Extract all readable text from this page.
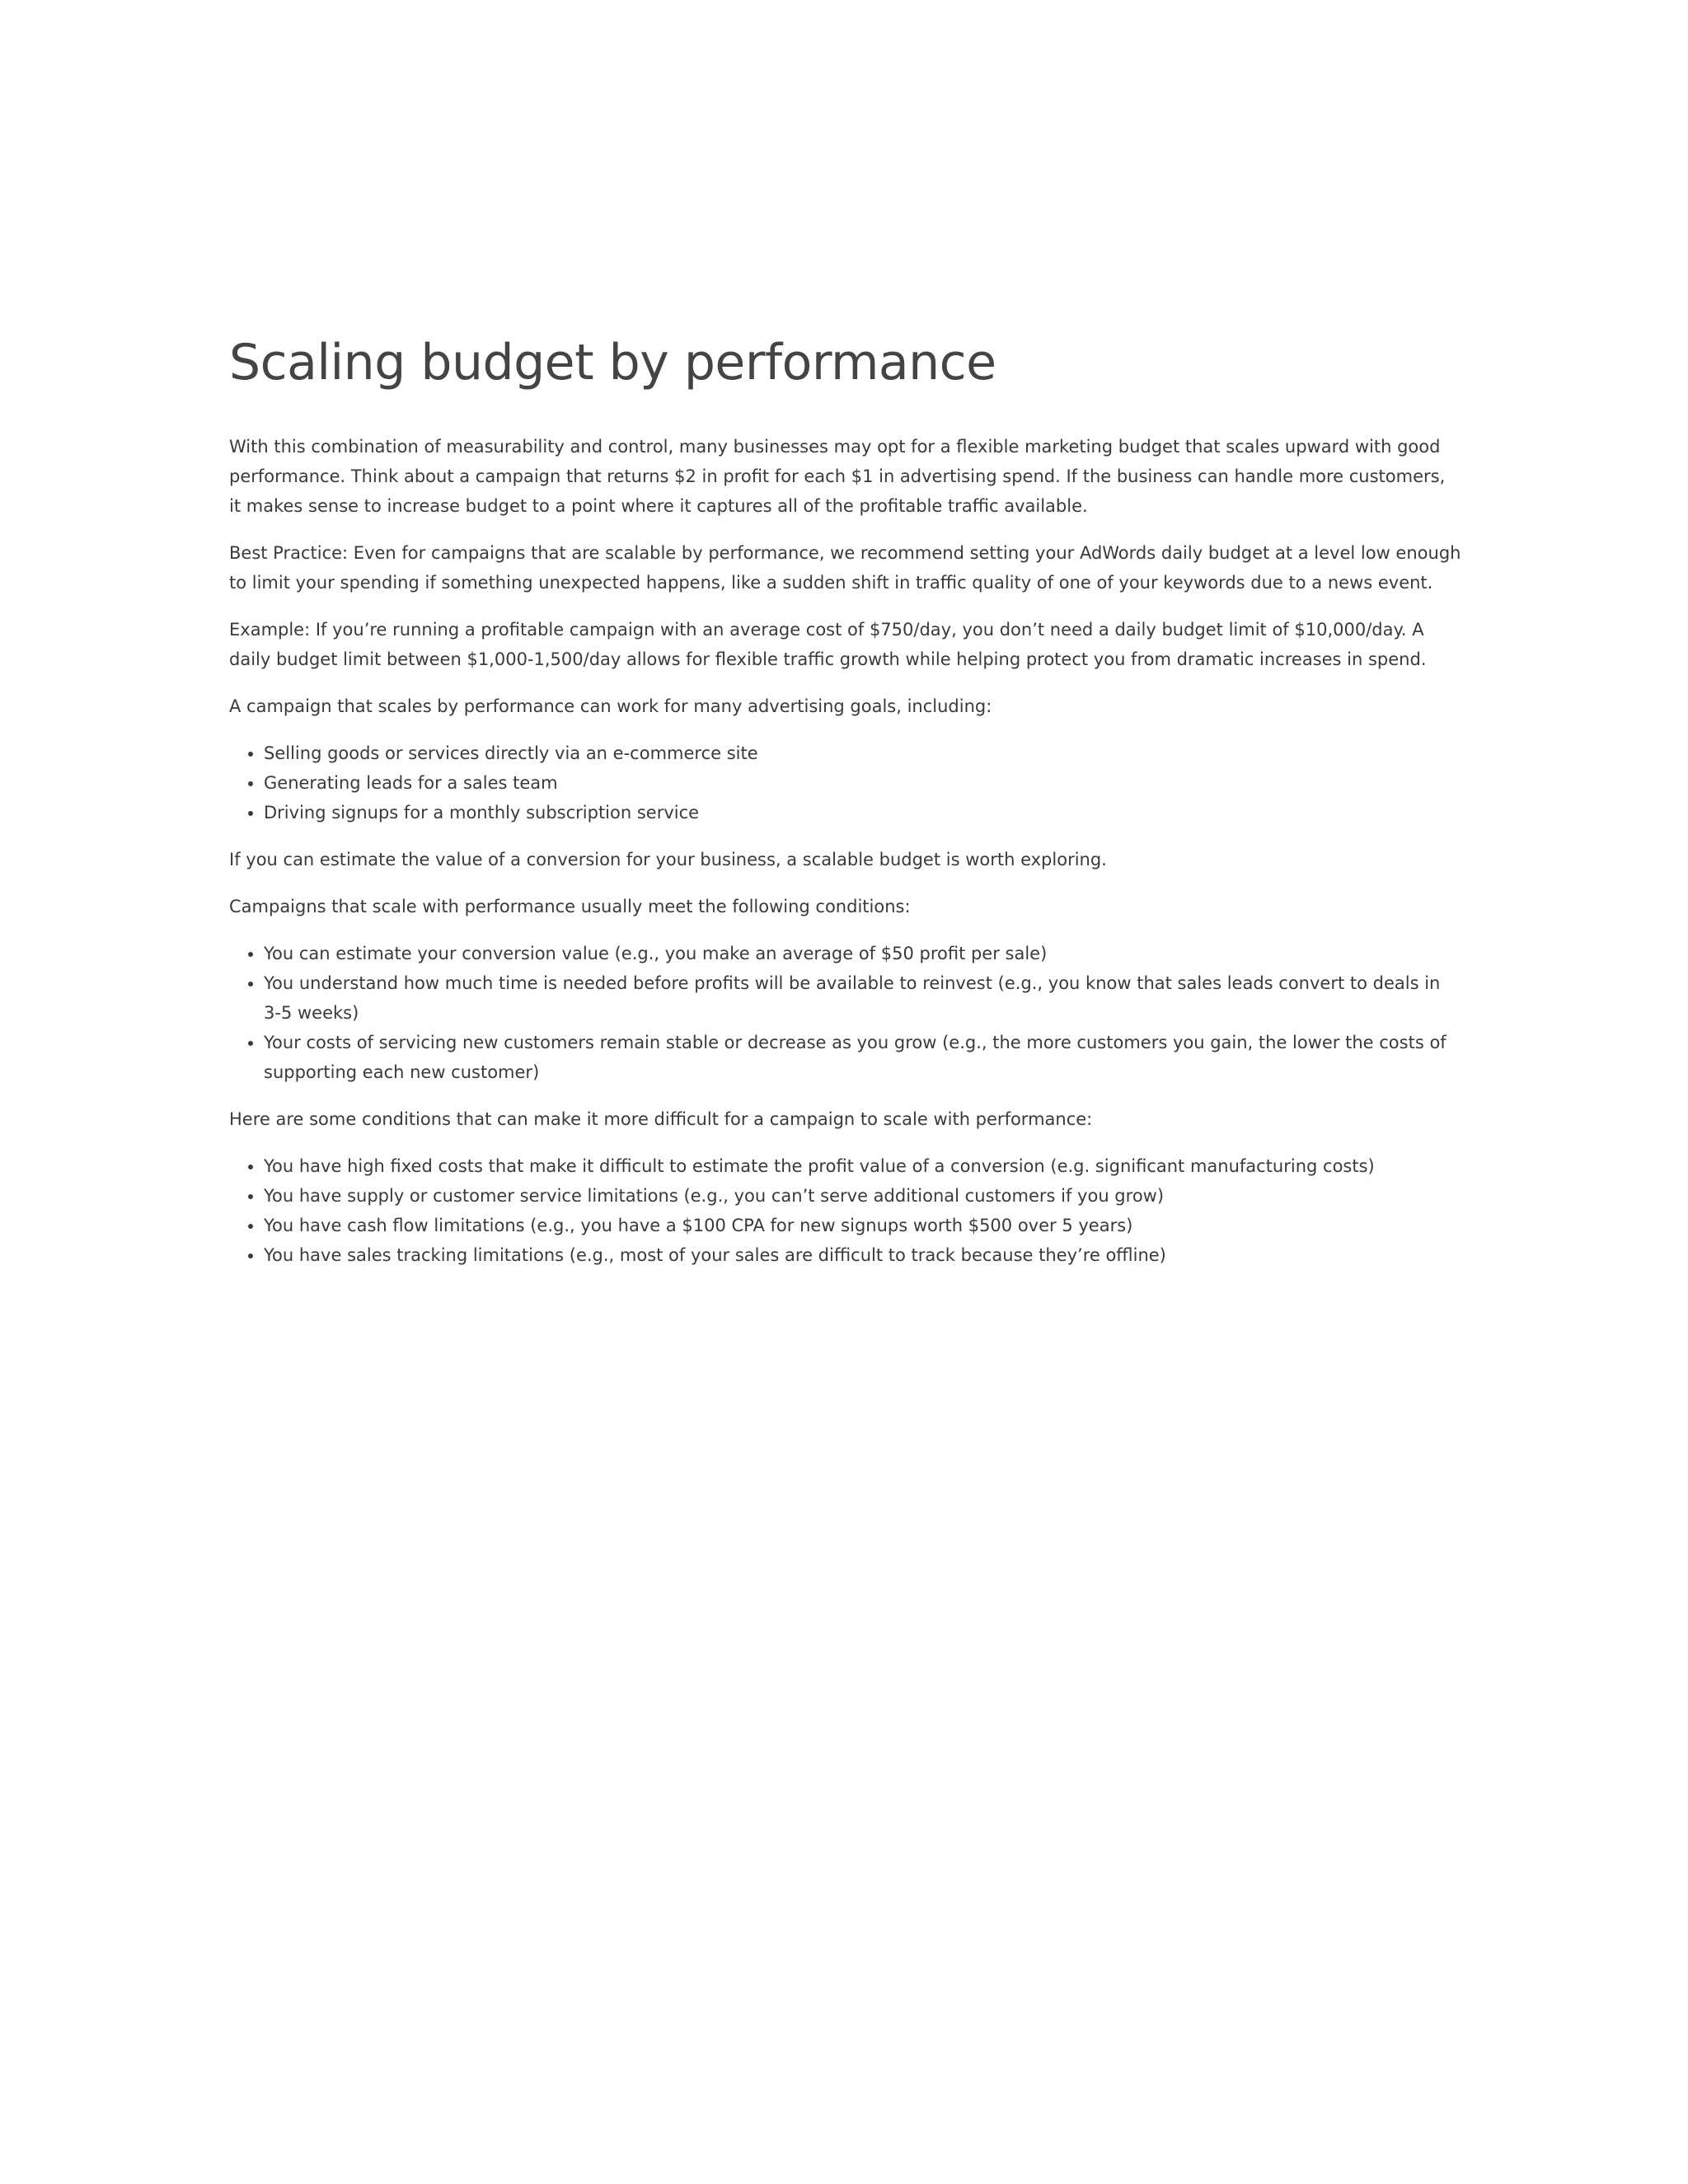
Scaling budget by performance

With this combination of measurability and control, many businesses may opt for a flexible marketing budget that scales upward with good performance. Think about a campaign that returns $2 in profit for each $1 in advertising spend. If the business can handle more customers, it makes sense to increase budget to a point where it captures all of the profitable traffic available.

Best Practice: Even for campaigns that are scalable by performance, we recommend setting your AdWords daily budget at a level low enough to limit your spending if something unexpected happens, like a sudden shift in traffic quality of one of your keywords due to a news event.

Example: If you’re running a profitable campaign with an average cost of $750/day, you don’t need a daily budget limit of $10,000/day. A daily budget limit between $1,000-1,500/day allows for flexible traffic growth while helping protect you from dramatic increases in spend.

A campaign that scales by performance can work for many advertising goals, including:

• Selling goods or services directly via an e-commerce site
• Generating leads for a sales team
• Driving signups for a monthly subscription service

If you can estimate the value of a conversion for your business, a scalable budget is worth exploring.

Campaigns that scale with performance usually meet the following conditions:

• You can estimate your conversion value (e.g., you make an average of $50 profit per sale)
• You understand how much time is needed before profits will be available to reinvest (e.g., you know that sales leads convert to deals in 3-5 weeks)
• Your costs of servicing new customers remain stable or decrease as you grow (e.g., the more customers you gain, the lower the costs of supporting each new customer)

Here are some conditions that can make it more difficult for a campaign to scale with performance:

• You have high fixed costs that make it difficult to estimate the profit value of a conversion (e.g. significant manufacturing costs)
• You have supply or customer service limitations (e.g., you can’t serve additional customers if you grow)
• You have cash flow limitations (e.g., you have a $100 CPA for new signups worth $500 over 5 years)
• You have sales tracking limitations (e.g., most of your sales are difficult to track because they’re offline)
